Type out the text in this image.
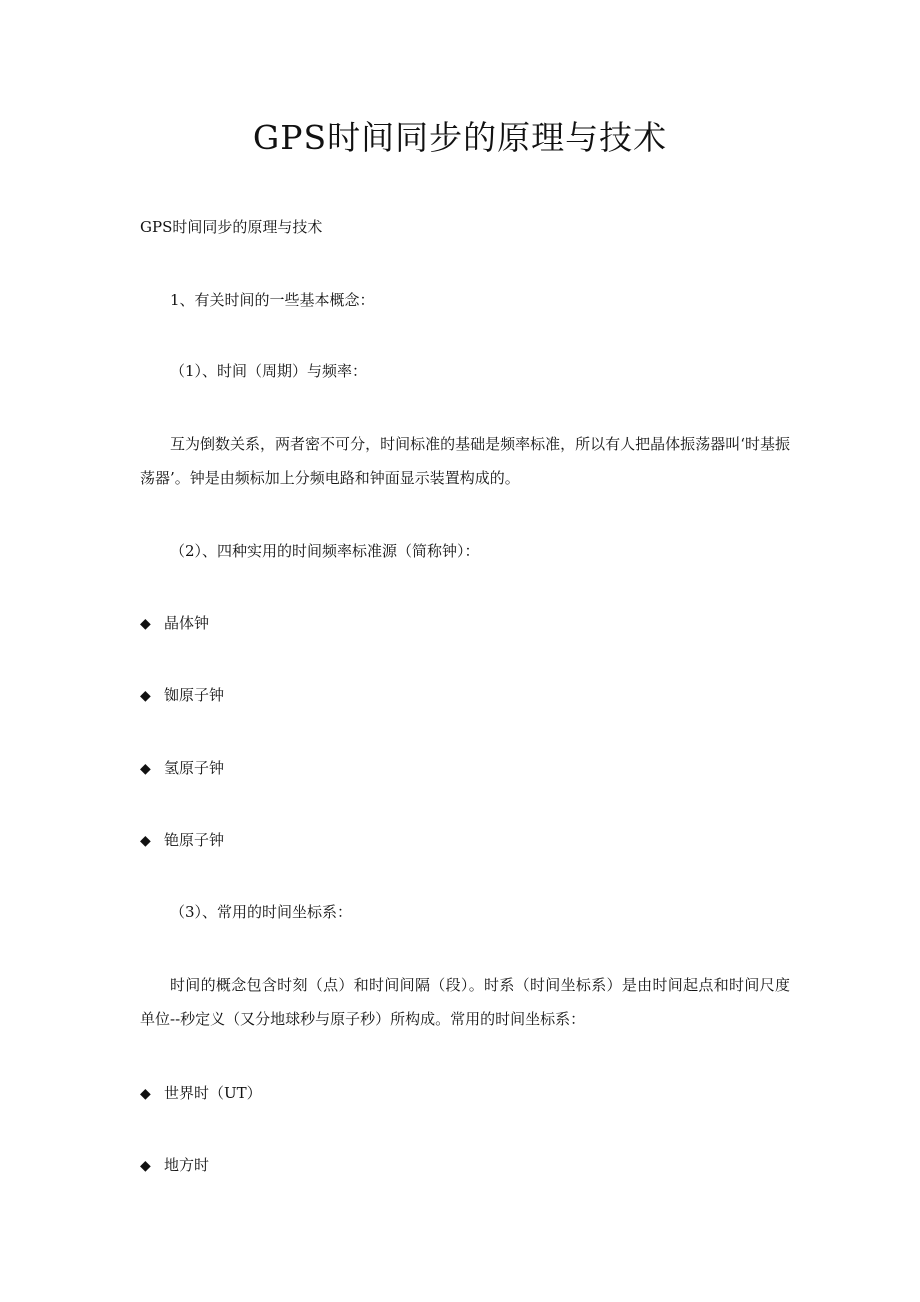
GPS时间同步的原理与技术

GPS时间同步的原理与技术

1、有关时间的一些基本概念：

（1）、时间（周期）与频率：

互为倒数关系，两者密不可分，时间标准的基础是频率标准，所以有人把晶体振荡器叫‘时基振荡器’。钟是由频标加上分频电路和钟面显示装置构成的。

（2）、四种实用的时间频率标准源（简称钟）：

◆ 晶体钟

◆ 铷原子钟

◆ 氢原子钟

◆ 铯原子钟

（3）、常用的时间坐标系：

时间的概念包含时刻（点）和时间间隔（段）。时系（时间坐标系）是由时间起点和时间尺度单位--秒定义（又分地球秒与原子秒）所构成。常用的时间坐标系：

◆ 世界时（UT）

◆ 地方时
